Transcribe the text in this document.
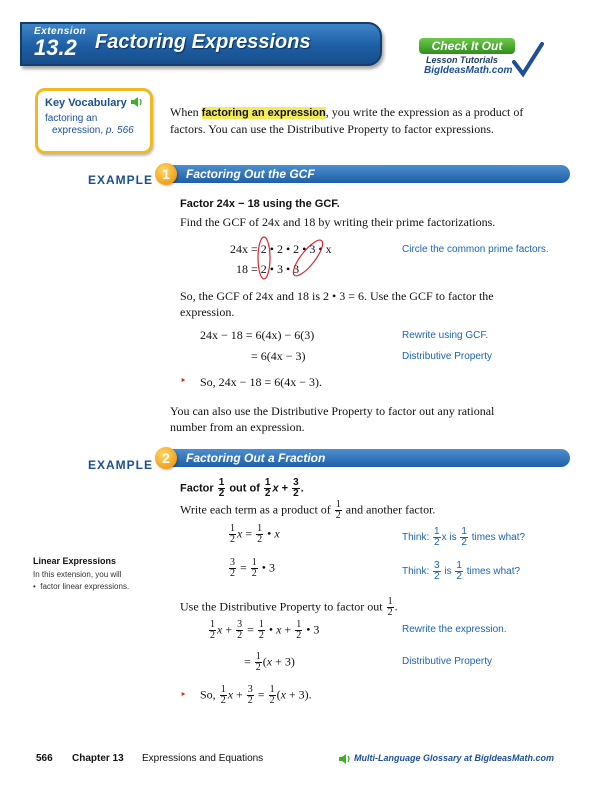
Extension
13.2 Factoring Expressions	Check It Out
Lesson Tutorials
BigIdeasMath.com
Key Vocabulary
factoring an
expression, p. 566
When factoring an expression, you write the expression as a product of
factors. You can use the Distributive Property to factor expressions.
EXAMPLE	Factoring Out the GCF
1
Factor 24x − 18 using the GCF.
Find the GCF of 24x and 18 by writing their prime factorizations.
24x = 2 • 2 • 2 • 3 • x
18 = 2 • 3 • 3
Circle the common prime factors.
So, the GCF of 24x and 18 is 2 • 3 = 6. Use the GCF to factor the
expression.
24x − 18 = 6(4x) − 6(3)	Rewrite using GCF.
= 6(4x − 3)	Distributive Property
‣ So, 24x − 18 = 6(4x − 3).
You can also use the Distributive Property to factor out any rational
number from an expression.
EXAMPLE	Factoring Out a Fraction
2
Factor $\frac{1}{2}$ out of $\frac{1}{2}$ $x + \frac{3}{2}$ .
Write each term as a product of $\frac{1}{2}$ and another factor.
$\frac{1}{2}$ $x = \frac{1}{2}$ • x	Think: $\frac{1}{2}$ x is $\frac{1}{2}$ times what?
$\frac{3}{2} = \frac{1}{2}$ • 3	Think: $\frac{3}{2}$ is $\frac{1}{2}$ times what?
Use the Distributive Property to factor out $\frac{1}{2}$ .
$\frac{1}{2}$ $x + \frac{3}{2} = \frac{1}{2}$ • $x + \frac{1}{2}$ • 3	Rewrite the expression.
= $\frac{1}{2} (x + 3)$	Distributive Property
‣ So, $\frac{1}{2}$ $x + \frac{3}{2} = \frac{1}{2} (x + 3)$.
Linear Expressions
In this extension, you will
•  factor linear expressions.
566 Chapter 13 Expressions and Equations	Multi-Language Glossary at BigIdeasMath.com
